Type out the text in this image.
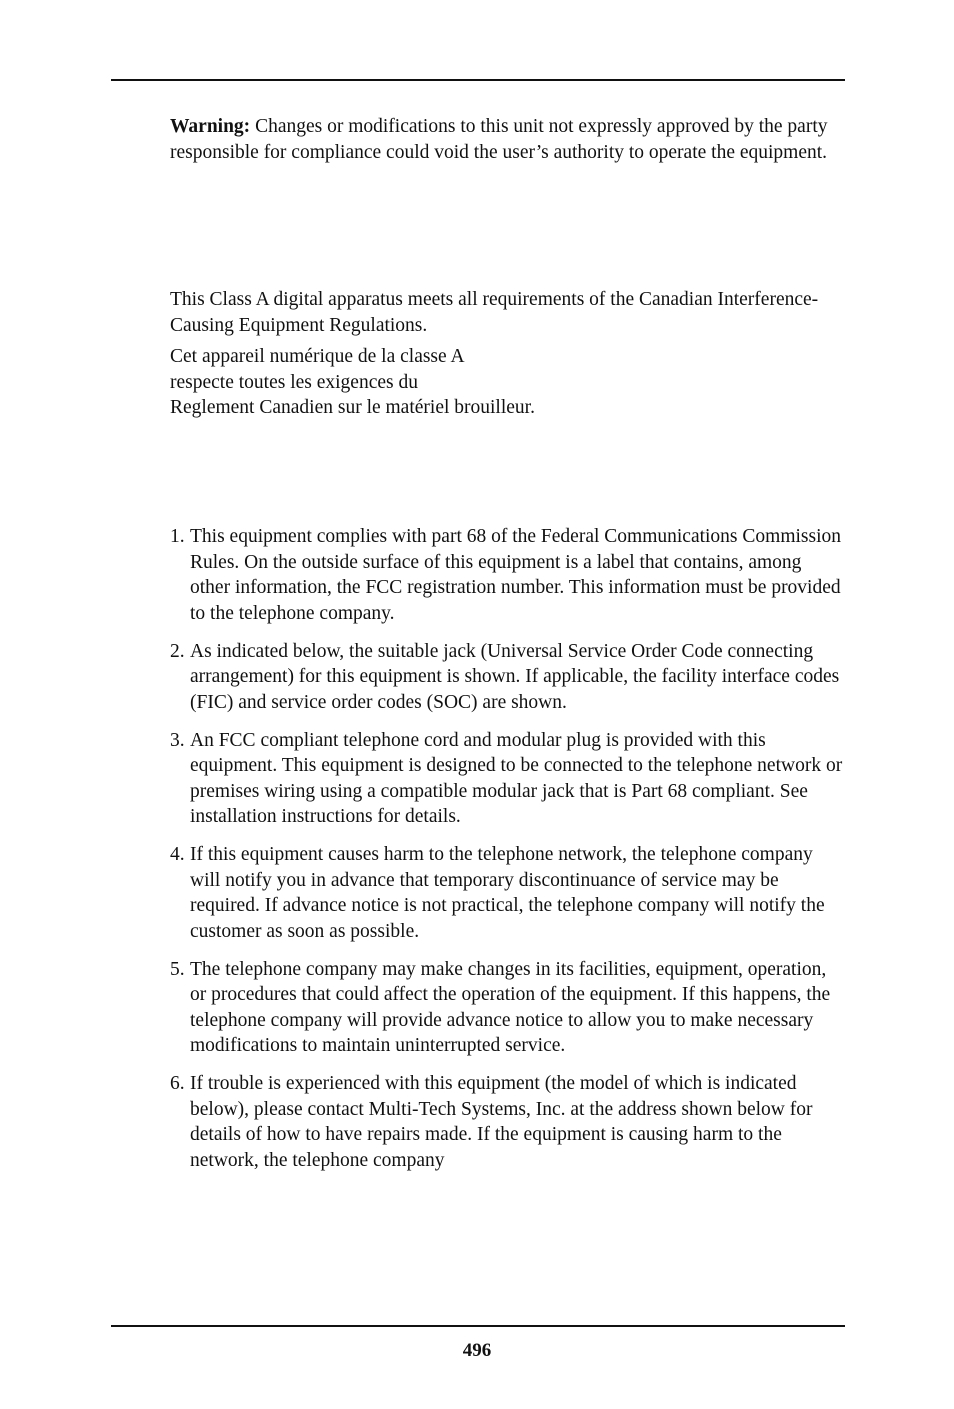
Warning: Changes or modifications to this unit not expressly approved by the party responsible for compliance could void the user’s authority to operate the equipment.

This Class A digital apparatus meets all requirements of the Canadian Interference-Causing Equipment Regulations.

Cet appareil numérique de la classe A
respecte toutes les exigences du
Reglement Canadien sur le matériel brouilleur.
1. This equipment complies with part 68 of the Federal Communications Commission Rules. On the outside surface of this equipment is a label that contains, among other information, the FCC registration number. This information must be provided to the telephone company.
2. As indicated below, the suitable jack (Universal Service Order Code connecting arrangement) for this equipment is shown. If applicable, the facility interface codes (FIC) and service order codes (SOC) are shown.
3. An FCC compliant telephone cord and modular plug is provided with this equipment. This equipment is designed to be connected to the telephone network or premises wiring using a compatible modular jack that is Part 68 compliant. See installation instructions for details.
4. If this equipment causes harm to the telephone network, the telephone company will notify you in advance that temporary discontinuance of service may be required. If advance notice is not practical, the telephone company will notify the customer as soon as possible.
5. The telephone company may make changes in its facilities, equipment, operation, or procedures that could affect the operation of the equipment. If this happens, the telephone company will provide advance notice to allow you to make necessary modifications to maintain uninterrupted service.
6. If trouble is experienced with this equipment (the model of which is indicated below), please contact Multi-Tech Systems, Inc. at the address shown below for details of how to have repairs made. If the equipment is causing harm to the network, the telephone company
496
